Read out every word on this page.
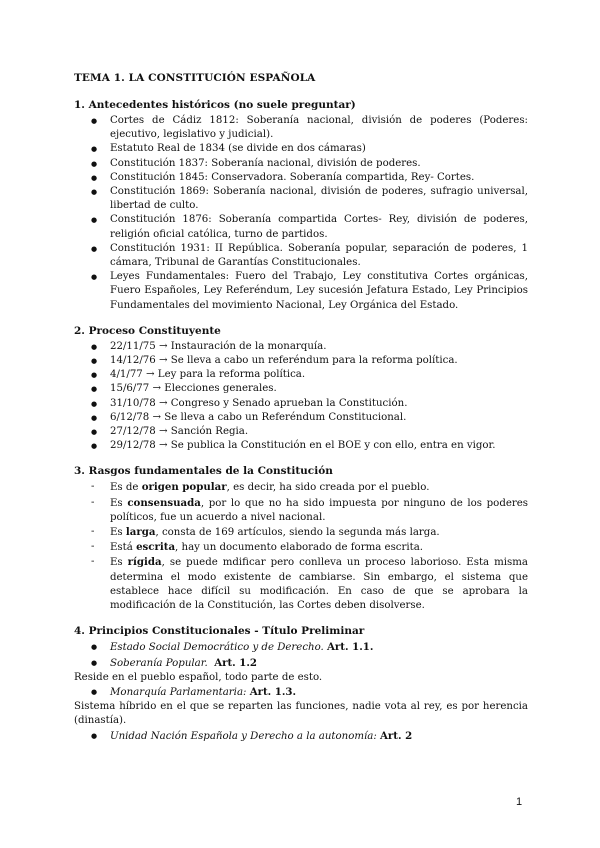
TEMA 1. LA CONSTITUCIÓN ESPAÑOLA
1. Antecedentes históricos (no suele preguntar)
● Cortes de Cádiz 1812: Soberanía nacional, división de poderes (Poderes: ejecutivo, legislativo y judicial).
● Estatuto Real de 1834 (se divide en dos cámaras)
● Constitución 1837: Soberanía nacional, división de poderes.
● Constitución 1845: Conservadora. Soberanía compartida, Rey- Cortes.
● Constitución 1869: Soberanía nacional, división de poderes, sufragio universal, libertad de culto.
● Constitución 1876: Soberanía compartida Cortes- Rey, división de poderes, religión oficial católica, turno de partidos.
● Constitución 1931: II República. Soberanía popular, separación de poderes, 1 cámara, Tribunal de Garantías Constitucionales.
● Leyes Fundamentales: Fuero del Trabajo, Ley constitutiva Cortes orgánicas, Fuero Españoles, Ley Referéndum, Ley sucesión Jefatura Estado, Ley Principios Fundamentales del movimiento Nacional, Ley Orgánica del Estado.
2. Proceso Constituyente
● 22/11/75 → Instauración de la monarquía.
● 14/12/76 → Se lleva a cabo un referéndum para la reforma política.
● 4/1/77 → Ley para la reforma política.
● 15/6/77 → Elecciones generales.
● 31/10/78 → Congreso y Senado aprueban la Constitución.
● 6/12/78 → Se lleva a cabo un Referéndum Constitucional.
● 27/12/78 → Sanción Regia.
● 29/12/78 → Se publica la Constitución en el BOE y con ello, entra en vigor.
3. Rasgos fundamentales de la Constitución
- Es de origen popular, es decir, ha sido creada por el pueblo.
- Es consensuada, por lo que no ha sido impuesta por ninguno de los poderes políticos, fue un acuerdo a nivel nacional.
- Es larga, consta de 169 artículos, siendo la segunda más larga.
- Está escrita, hay un documento elaborado de forma escrita.
- Es rígida, se puede mdificar pero conlleva un proceso laborioso. Esta misma determina el modo existente de cambiarse. Sin embargo, el sistema que establece hace difícil su modificación. En caso de que se aprobara la modificación de la Constitución, las Cortes deben disolverse.
4. Principios Constitucionales - Título Preliminar
● Estado Social Democrático y de Derecho. Art. 1.1.
● Soberanía Popular. Art. 1.2

Reside en el pueblo español, todo parte de esto.

● Monarquía Parlamentaria: Art. 1.3.

Sistema híbrido en el que se reparten las funciones, nadie vota al rey, es por herencia (dinastía).

● Unidad Nación Española y Derecho a la autonomía: Art. 2
1
